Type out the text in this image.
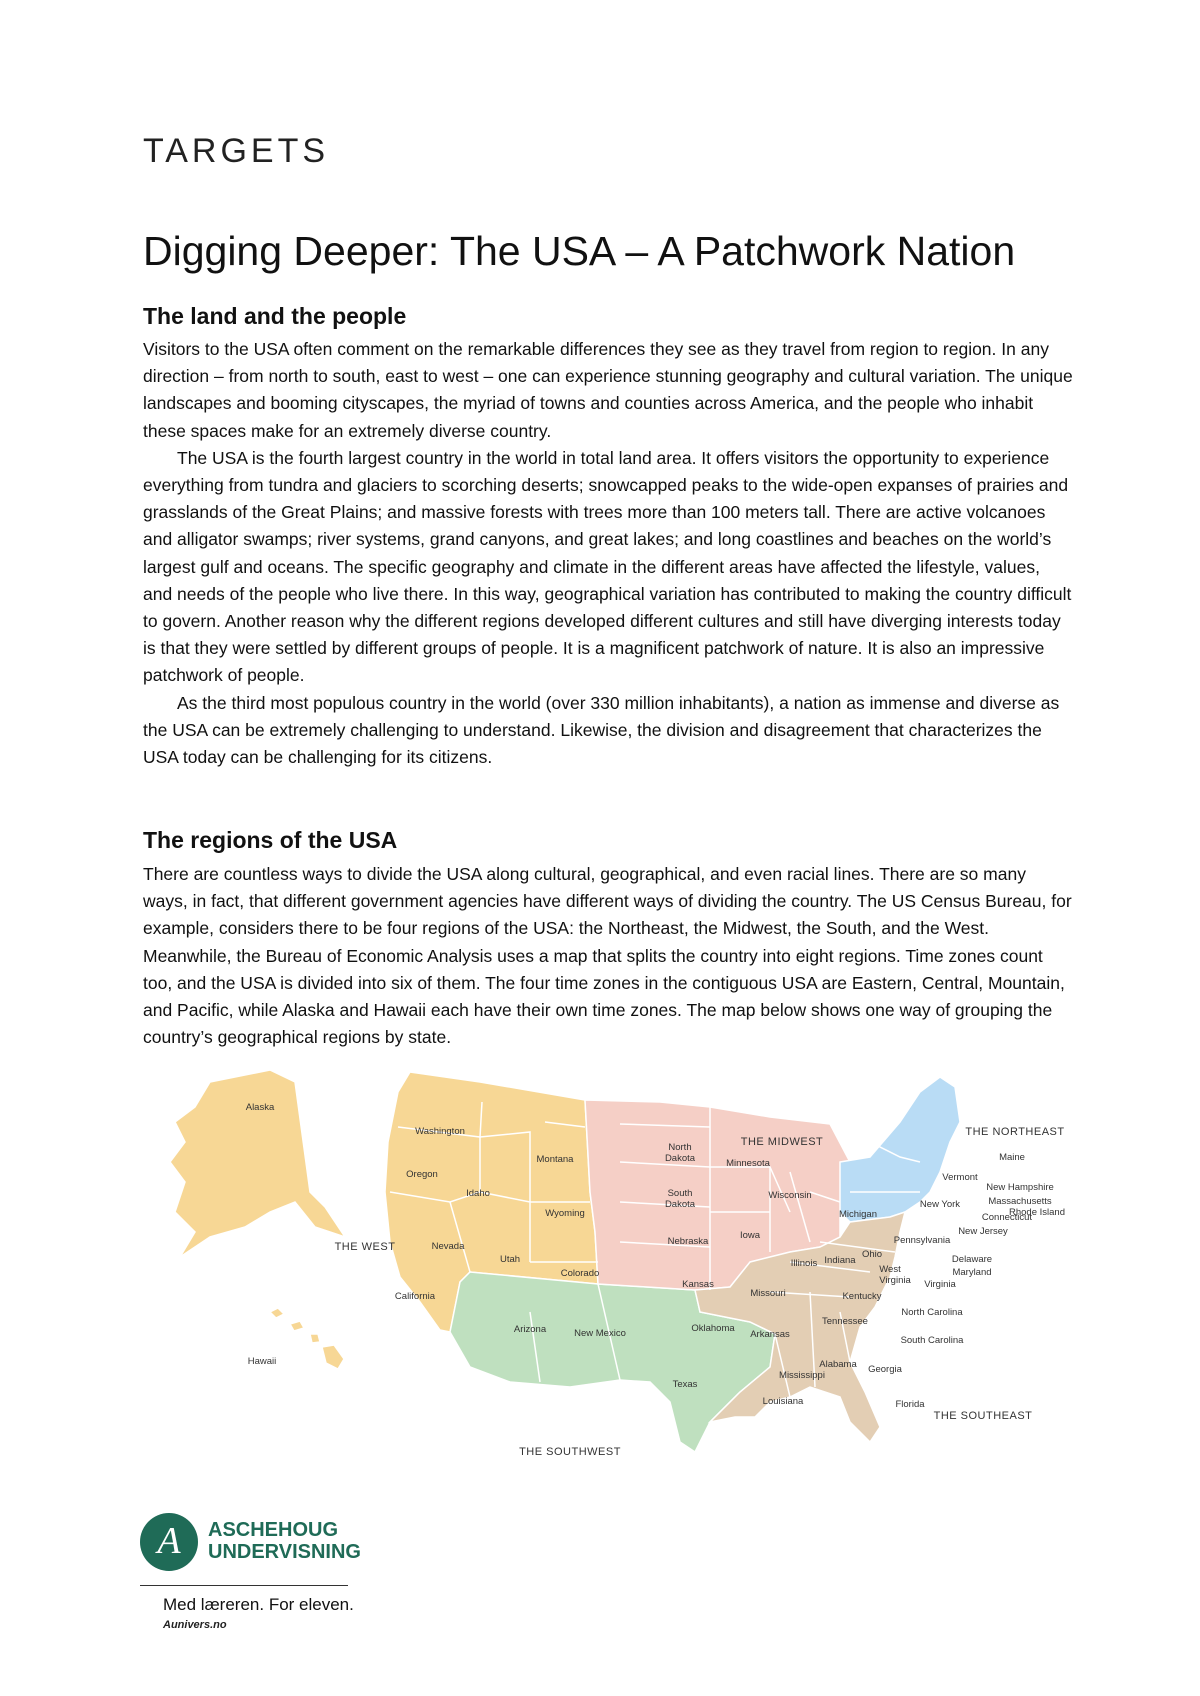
TARGETS
Digging Deeper: The USA – A Patchwork Nation
The land and the people

Visitors to the USA often comment on the remarkable differences they see as they travel from region to region. In any direction – from north to south, east to west – one can experience stunning geography and cultural variation. The unique landscapes and booming cityscapes, the myriad of towns and counties across America, and the people who inhabit these spaces make for an extremely diverse country.

The USA is the fourth largest country in the world in total land area. It offers visitors the opportunity to experience everything from tundra and glaciers to scorching deserts; snowcapped peaks to the wide-open expanses of prairies and grasslands of the Great Plains; and massive forests with trees more than 100 meters tall. There are active volcanoes and alligator swamps; river systems, grand canyons, and great lakes; and long coastlines and beaches on the world’s largest gulf and oceans. The specific geography and climate in the different areas have affected the lifestyle, values, and needs of the people who live there. In this way, geographical variation has contributed to making the country difficult to govern. Another reason why the different regions developed different cultures and still have diverging interests today is that they were settled by different groups of people. It is a magnificent patchwork of nature. It is also an impressive patchwork of people.

As the third most populous country in the world (over 330 million inhabitants), a nation as immense and diverse as the USA can be extremely challenging to understand. Likewise, the division and disagreement that characterizes the USA today can be challenging for its citizens.

The regions of the USA

There are countless ways to divide the USA along cultural, geographical, and even racial lines. There are so many ways, in fact, that different government agencies have different ways of dividing the country. The US Census Bureau, for example, considers there to be four regions of the USA: the Northeast, the Midwest, the South, and the West. Meanwhile, the Bureau of Economic Analysis uses a map that splits the country into eight regions. Time zones count too, and the USA is divided into six of them. The four time zones in the contiguous USA are Eastern, Central, Mountain, and Pacific, while Alaska and Hawaii each have their own time zones. The map below shows one way of grouping the country’s geographical regions by state.

Alaska
Hawaii
Washington
Oregon
California
Idaho
Nevada
Montana
Wyoming
Utah
Colorado
Arizona	New Mexico	Oklahoma
Texas
North
Dakota
South
Dakota
Nebraska
Kansas
Minnesota
Iowa
Missouri
Wisconsin
Illinois Indiana
Michigan
Ohio
Maine
Vermont
New Hampshire
New York	Massachusetts
Rhode Island
Connecticut
New Jersey
Pennsylvania
Delaware
Maryland
West
Virginia Virginia
Kentucky
Tennessee
North Carolina
South Carolina
Arkansas
Mississippi
Alabama Georgia
Louisiana	Florida
THE WEST
THE SOUTHWEST
THE MIDWEST
THE NORTHEAST
THE SOUTHEAST
A	ASCHEHOUG
UNDERVISNING
Med læreren. For eleven.
Aunivers.no
